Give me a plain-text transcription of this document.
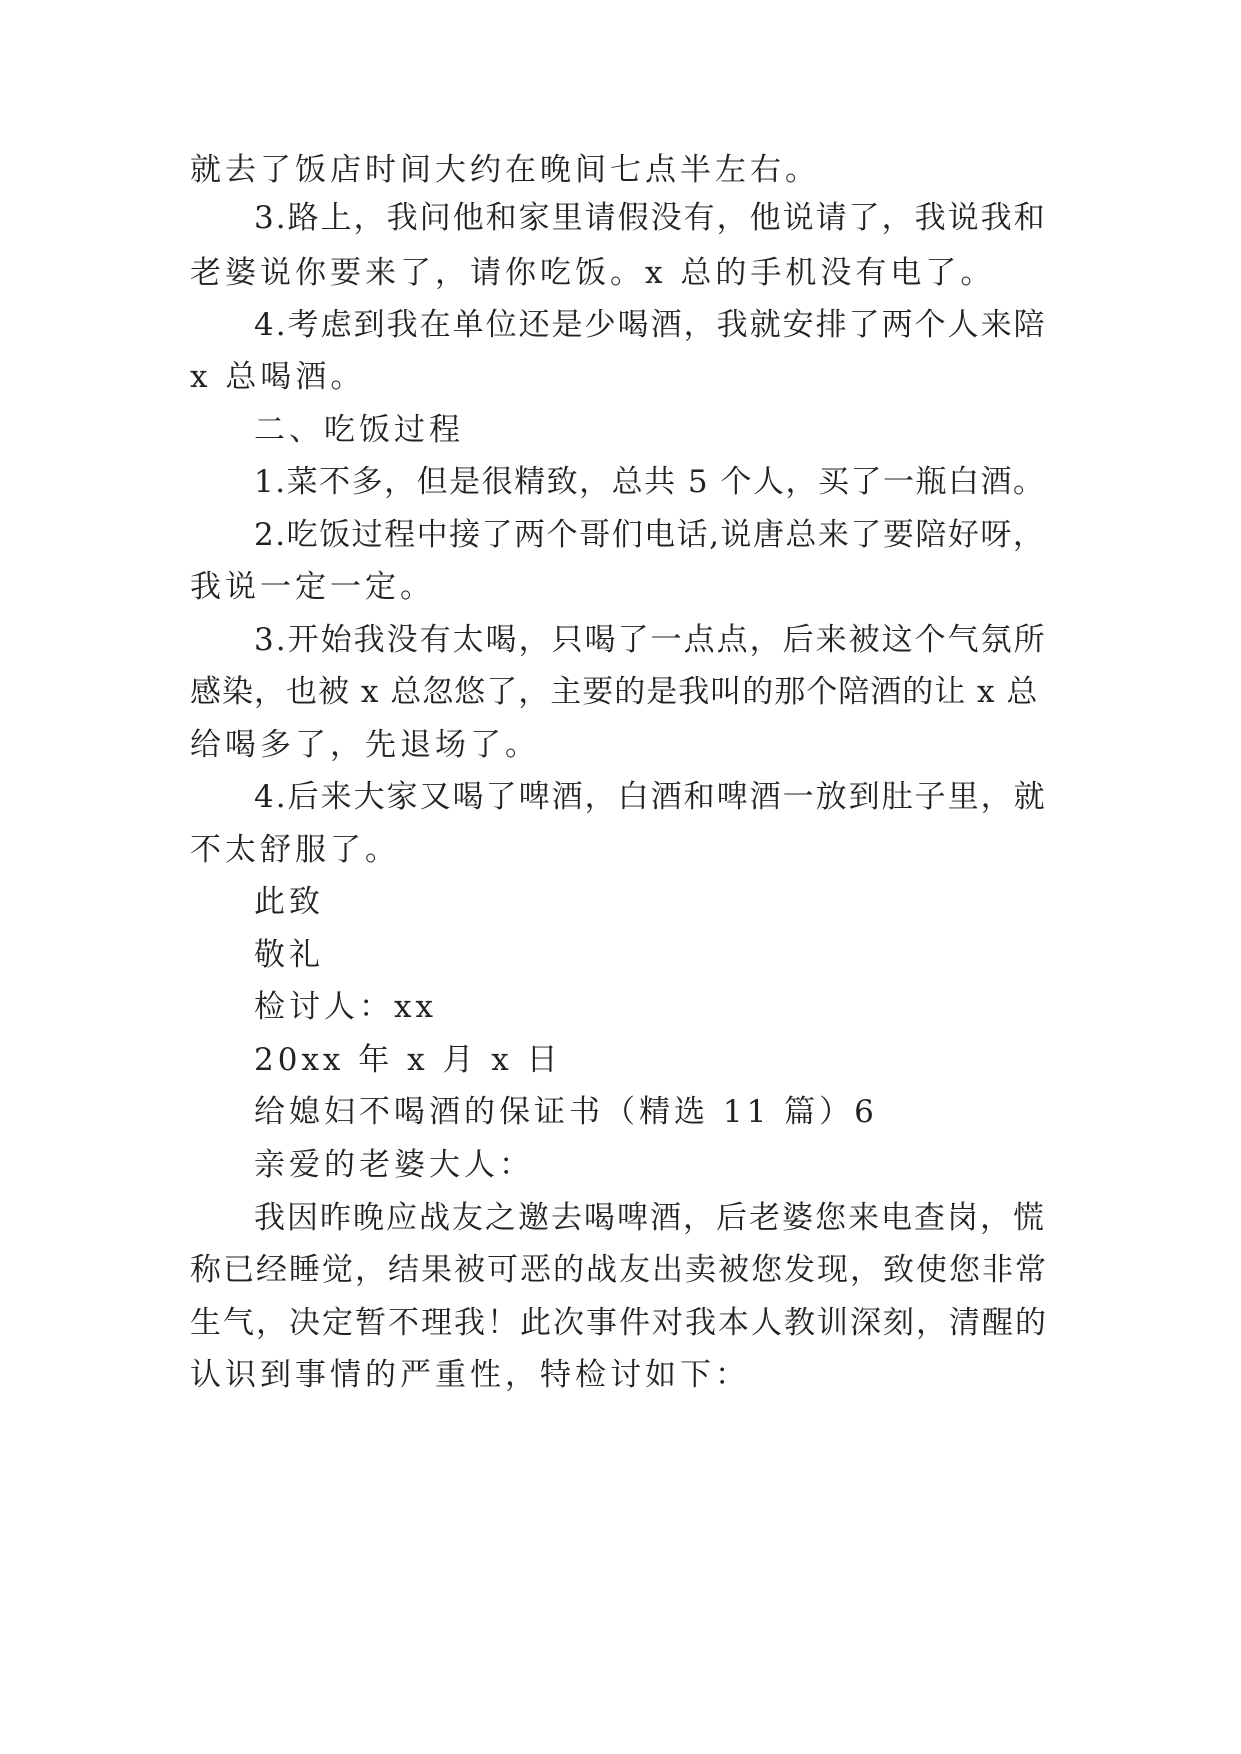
就去了饭店时间大约在晚间七点半左右。
3.路上，我问他和家里请假没有，他说请了，我说我和
老婆说你要来了，请你吃饭。x 总的手机没有电了。
4.考虑到我在单位还是少喝酒，我就安排了两个人来陪
x 总喝酒。
二、吃饭过程
1.菜不多，但是很精致，总共 5 个人，买了一瓶白酒。
2.吃饭过程中接了两个哥们电话,说唐总来了要陪好呀，
我说一定一定。
3.开始我没有太喝，只喝了一点点，后来被这个气氛所
感染，也被 x 总忽悠了，主要的是我叫的那个陪酒的让 x 总
给喝多了，先退场了。
4.后来大家又喝了啤酒，白酒和啤酒一放到肚子里，就
不太舒服了。
此致
敬礼
检讨人：xx
20xx 年 x 月 x 日
给媳妇不喝酒的保证书（精选 11 篇）6
亲爱的老婆大人：
我因昨晚应战友之邀去喝啤酒，后老婆您来电查岗，慌
称已经睡觉，结果被可恶的战友出卖被您发现，致使您非常
生气，决定暂不理我！此次事件对我本人教训深刻，清醒的
认识到事情的严重性，特检讨如下：
